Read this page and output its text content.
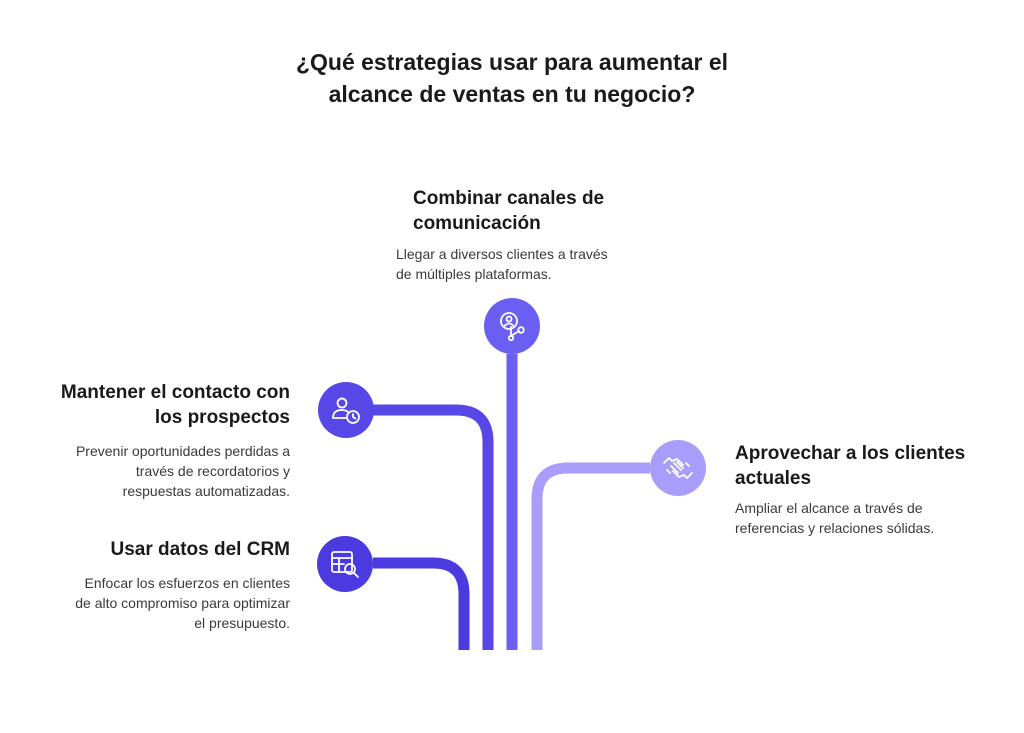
¿Qué estrategias usar para aumentar el
alcance de ventas en tu negocio?
Combinar canales de
comunicación

Llegar a diversos clientes a través
de múltiples plataformas.

Mantener el contacto con
los prospectos

Prevenir oportunidades perdidas a
través de recordatorios y
respuestas automatizadas.

Aprovechar a los clientes
actuales

Ampliar el alcance a través de
referencias y relaciones sólidas.

Usar datos del CRM

Enfocar los esfuerzos en clientes
de alto compromiso para optimizar
el presupuesto.
